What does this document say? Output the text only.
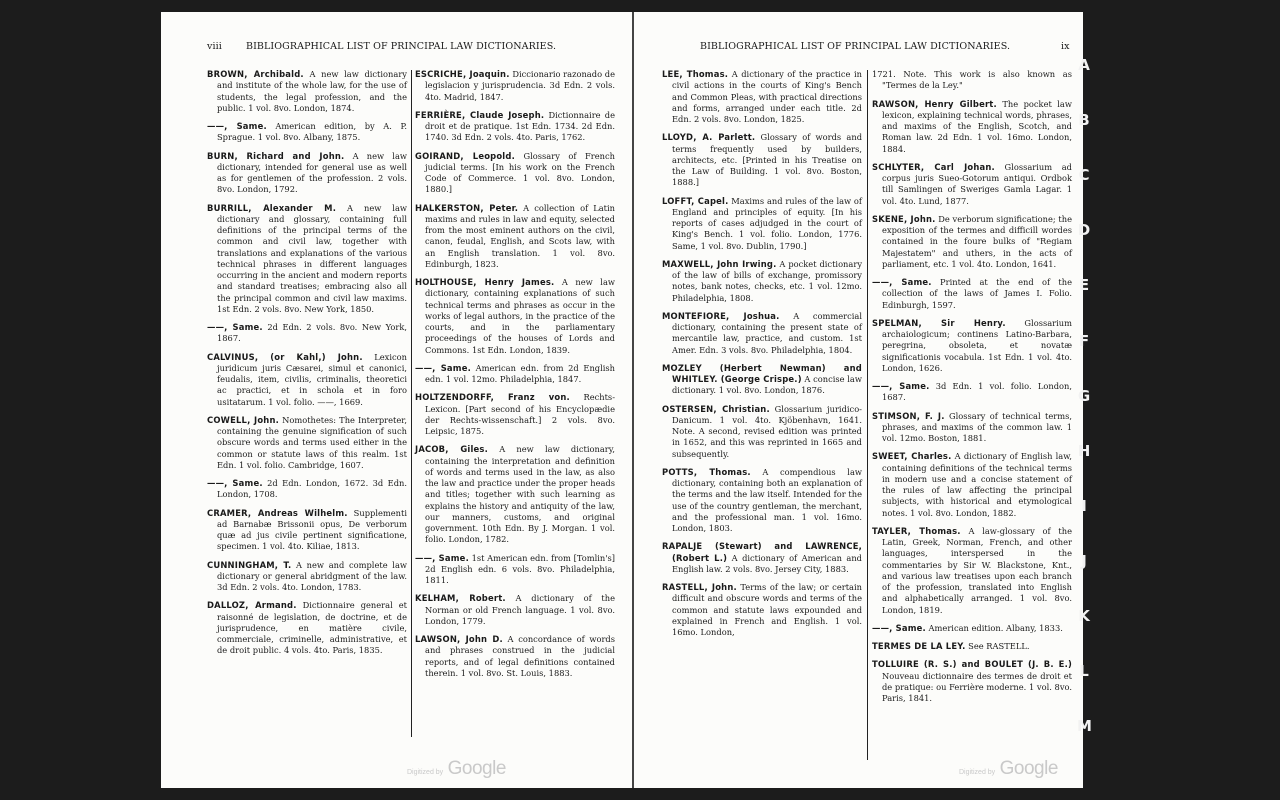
viii	BIBLIOGRAPHICAL LIST OF PRINCIPAL LAW DICTIONARIES.

BROWN, Archibald. A new law dictionary and institute of the whole law, for the use of students, the legal profession, and the public. 1 vol. 8vo. London, 1874.

——, Same. American edition, by A. P. Sprague. 1 vol. 8vo. Albany, 1875.

BURN, Richard and John. A new law dictionary, intended for general use as well as for gentlemen of the profession. 2 vols. 8vo. London, 1792.

BURRILL, Alexander M. A new law dictionary and glossary, containing full definitions of the principal terms of the common and civil law, together with translations and explanations of the various technical phrases in different languages occurring in the ancient and modern reports and standard treatises; embracing also all the principal common and civil law maxims. 1st Edn. 2 vols. 8vo. New York, 1850.

——, Same. 2d Edn. 2 vols. 8vo. New York, 1867.

CALVINUS, (or Kahl,) John. Lexicon juridicum juris Cæsarei, simul et canonici, feudalis, item, civilis, criminalis, theoretici ac practici, et in schola et in foro usitatarum. 1 vol. folio. ——, 1669.

COWELL, John. Nomothetes: The Interpreter, containing the genuine signification of such obscure words and terms used either in the common or statute laws of this realm. 1st Edn. 1 vol. folio. Cambridge, 1607.

——, Same. 2d Edn. London, 1672. 3d Edn. London, 1708.

CRAMER, Andreas Wilhelm. Supplementi ad Barnabæ Brissonii opus, De verborum quæ ad jus civile pertinent significatione, specimen. 1 vol. 4to. Kiliae, 1813.

CUNNINGHAM, T. A new and complete law dictionary or general abridgment of the law. 3d Edn. 2 vols. 4to. London, 1783.

DALLOZ, Armand. Dictionnaire general et raisonné de legislation, de doctrine, et de jurisprudence, en matière civile, commerciale, criminelle, administrative, et de droit public. 4 vols. 4to. Paris, 1835.

ESCRICHE, Joaquin. Diccionario razonado de legislacion y jurisprudencia. 3d Edn. 2 vols. 4to. Madrid, 1847.

FERRIÈRE, Claude Joseph. Dictionnaire de droit et de pratique. 1st Edn. 1734. 2d Edn. 1740. 3d Edn. 2 vols. 4to. Paris, 1762.

GOIRAND, Leopold. Glossary of French judicial terms. [In his work on the French Code of Commerce. 1 vol. 8vo. London, 1880.]

HALKERSTON, Peter. A collection of Latin maxims and rules in law and equity, selected from the most eminent authors on the civil, canon, feudal, English, and Scots law, with an English translation. 1 vol. 8vo. Edinburgh, 1823.

HOLTHOUSE, Henry James. A new law dictionary, containing explanations of such technical terms and phrases as occur in the works of legal authors, in the practice of the courts, and in the parliamentary proceedings of the houses of Lords and Commons. 1st Edn. London, 1839.

——, Same. American edn. from 2d English edn. 1 vol. 12mo. Philadelphia, 1847.

HOLTZENDORFF, Franz von. Rechts-Lexicon. [Part second of his Encyclopædie der Rechts-wissenschaft.] 2 vols. 8vo. Leipsic, 1875.

JACOB, Giles. A new law dictionary, containing the interpretation and definition of words and terms used in the law, as also the law and practice under the proper heads and titles; together with such learning as explains the history and antiquity of the law, our manners, customs, and original government. 10th Edn. By J. Morgan. 1 vol. folio. London, 1782.

——, Same. 1st American edn. from [Tomlin's] 2d English edn. 6 vols. 8vo. Philadelphia, 1811.

KELHAM, Robert. A dictionary of the Norman or old French language. 1 vol. 8vo. London, 1779.

LAWSON, John D. A concordance of words and phrases construed in the judicial reports, and of legal definitions contained therein. 1 vol. 8vo. St. Louis, 1883.

Digitized by Google
BIBLIOGRAPHICAL LIST OF PRINCIPAL LAW DICTIONARIES.	ix

LEE, Thomas. A dictionary of the practice in civil actions in the courts of King's Bench and Common Pleas, with practical directions and forms, arranged under each title. 2d Edn. 2 vols. 8vo. London, 1825.

LLOYD, A. Parlett. Glossary of words and terms frequently used by builders, architects, etc. [Printed in his Treatise on the Law of Building. 1 vol. 8vo. Boston, 1888.]

LOFFT, Capel. Maxims and rules of the law of England and principles of equity. [In his reports of cases adjudged in the court of King's Bench. 1 vol. folio. London, 1776. Same, 1 vol. 8vo. Dublin, 1790.]

MAXWELL, John Irwing. A pocket dictionary of the law of bills of exchange, promissory notes, bank notes, checks, etc. 1 vol. 12mo. Philadelphia, 1808.

MONTEFIORE, Joshua. A commercial dictionary, containing the present state of mercantile law, practice, and custom. 1st Amer. Edn. 3 vols. 8vo. Philadelphia, 1804.

MOZLEY (Herbert Newman) and WHITLEY. (George Crispe.) A concise law dictionary. 1 vol. 8vo. London, 1876.

OSTERSEN, Christian. Glossarium juridico-Danicum. 1 vol. 4to. Kjöbenhavn, 1641. Note. A second, revised edition was printed in 1652, and this was reprinted in 1665 and subsequently.

POTTS, Thomas. A compendious law dictionary, containing both an explanation of the terms and the law itself. Intended for the use of the country gentleman, the merchant, and the professional man. 1 vol. 16mo. London, 1803.

RAPALJE (Stewart) and LAWRENCE, (Robert L.) A dictionary of American and English law. 2 vols. 8vo. Jersey City, 1883.

RASTELL, John. Terms of the law; or certain difficult and obscure words and terms of the common and statute laws expounded and explained in French and English. 1 vol. 16mo. London,

1721. Note. This work is also known as "Termes de la Ley."

RAWSON, Henry Gilbert. The pocket law lexicon, explaining technical words, phrases, and maxims of the English, Scotch, and Roman law. 2d Edn. 1 vol. 16mo. London, 1884.

SCHLYTER, Carl Johan. Glossarium ad corpus juris Sueo-Gotorum antiqui. Ordbok till Samlingen of Sweriges Gamla Lagar. 1 vol. 4to. Lund, 1877.

SKENE, John. De verborum significatione; the exposition of the termes and difficill wordes contained in the foure bulks of "Regiam Majestatem" and uthers, in the acts of parliament, etc. 1 vol. 4to. London, 1641.

——, Same. Printed at the end of the collection of the laws of James I. Folio. Edinburgh, 1597.

SPELMAN, Sir Henry. Glossarium archaiologicum; continens Latino-Barbara, peregrina, obsoleta, et novatæ significationis vocabula. 1st Edn. 1 vol. 4to. London, 1626.

——, Same. 3d Edn. 1 vol. folio. London, 1687.

STIMSON, F. J. Glossary of technical terms, phrases, and maxims of the common law. 1 vol. 12mo. Boston, 1881.

SWEET, Charles. A dictionary of English law, containing definitions of the technical terms in modern use and a concise statement of the rules of law affecting the principal subjects, with historical and etymological notes. 1 vol. 8vo. London, 1882.

TAYLER, Thomas. A law-glossary of the Latin, Greek, Norman, French, and other languages, interspersed in the commentaries by Sir W. Blackstone, Knt., and various law treatises upon each branch of the profession, translated into English and alphabetically arranged. 1 vol. 8vo. London, 1819.

——, Same. American edition. Albany, 1833.

TERMES DE LA LEY. See RASTELL.

TOLLUIRE (R. S.) and BOULET (J. B. E.) Nouveau dictionnaire des termes de droit et de pratique: ou Ferrière moderne. 1 vol. 8vo. Paris, 1841.

Digitized by Google
A
B
C
D
E
F
G
H
I
J
K
L
M
